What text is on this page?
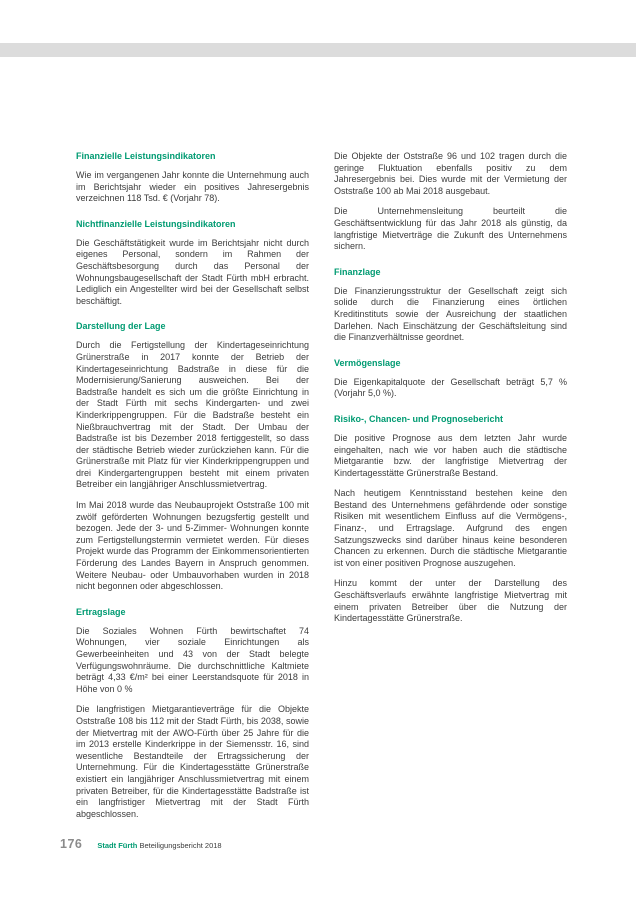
Finanzielle Leistungsindikatoren

Wie im vergangenen Jahr konnte die Unternehmung auch im Berichtsjahr wieder ein positives Jahresergebnis verzeichnen 118 Tsd. € (Vorjahr 78).

Nichtfinanzielle Leistungsindikatoren

Die Geschäftstätigkeit wurde im Berichtsjahr nicht durch eigenes Personal, sondern im Rahmen der Geschäftsbesorgung durch das Personal der Wohnungsbaugesellschaft der Stadt Fürth mbH erbracht. Lediglich ein Angestellter wird bei der Gesellschaft selbst beschäftigt.

Darstellung der Lage

Durch die Fertigstellung der Kindertageseinrichtung Grünerstraße in 2017 konnte der Betrieb der Kindertageseinrichtung Badstraße in diese für die Modernisierung/Sanierung ausweichen. Bei der Badstraße handelt es sich um die größte Einrichtung in der Stadt Fürth mit sechs Kindergarten- und zwei Kinderkrippengruppen. Für die Badstraße besteht ein Nießbrauchvertrag mit der Stadt. Der Umbau der Badstraße ist bis Dezember 2018 fertiggestellt, so dass der städtische Betrieb wieder zurückziehen kann. Für die Grünerstraße mit Platz für vier Kinderkrippengruppen und drei Kindergartengruppen besteht mit einem privaten Betreiber ein langjähriger Anschlussmietvertrag.

Im Mai 2018 wurde das Neubauprojekt Oststraße 100 mit zwölf geförderten Wohnungen bezugsfertig gestellt und bezogen. Jede der 3- und 5-Zimmer- Wohnungen konnte zum Fertigstellungstermin vermietet werden. Für dieses Projekt wurde das Programm der Einkommensorientierten Förderung des Landes Bayern in Anspruch genommen. Weitere Neubau- oder Umbauvorhaben wurden in 2018 nicht begonnen oder abgeschlossen.

Ertragslage

Die Soziales Wohnen Fürth bewirtschaftet 74 Wohnungen, vier soziale Einrichtungen als Gewerbeeinheiten und 43 von der Stadt belegte Verfügungswohnräume. Die durchschnittliche Kaltmiete beträgt 4,33 €/m² bei einer Leerstandsquote für 2018 in Höhe von 0 %

Die langfristigen Mietgarantieverträge für die Objekte Oststraße 108 bis 112 mit der Stadt Fürth, bis 2038, sowie der Mietvertrag mit der AWO-Fürth über 25 Jahre für die im 2013 erstelle Kinderkrippe in der Siemensstr. 16, sind wesentliche Bestandteile der Ertragssicherung der Unternehmung. Für die Kindertagesstätte Grünerstraße existiert ein langjähriger Anschlussmietvertrag mit einem privaten Betreiber, für die Kindertagesstätte Badstraße ist ein langfristiger Mietvertrag mit der Stadt Fürth abgeschlossen.

Die Objekte der Oststraße 96 und 102 tragen durch die geringe Fluktuation ebenfalls positiv zu dem Jahresergebnis bei. Dies wurde mit der Vermietung der Oststraße 100 ab Mai 2018 ausgebaut.

Die Unternehmensleitung beurteilt die Geschäftsentwicklung für das Jahr 2018 als günstig, da langfristige Mietverträge die Zukunft des Unternehmens sichern.

Finanzlage

Die Finanzierungsstruktur der Gesellschaft zeigt sich solide durch die Finanzierung eines örtlichen Kreditinstituts sowie der Ausreichung der staatlichen Darlehen. Nach Einschätzung der Geschäftsleitung sind die Finanzverhältnisse geordnet.

Vermögenslage

Die Eigenkapitalquote der Gesellschaft beträgt 5,7 % (Vorjahr 5,0 %).

Risiko-, Chancen- und Prognosebericht

Die positive Prognose aus dem letzten Jahr wurde eingehalten, nach wie vor haben auch die städtische Mietgarantie bzw. der langfristige Mietvertrag der Kindertagesstätte Grünerstraße Bestand.

Nach heutigem Kenntnisstand bestehen keine den Bestand des Unternehmens gefährdende oder sonstige Risiken mit wesentlichem Einfluss auf die Vermögens-, Finanz-, und Ertragslage. Aufgrund des engen Satzungszwecks sind darüber hinaus keine besonderen Chancen zu erkennen. Durch die städtische Mietgarantie ist von einer positiven Prognose auszugehen.

Hinzu kommt der unter der Darstellung des Geschäftsverlaufs erwähnte langfristige Mietvertrag mit einem privaten Betreiber über die Nutzung der Kindertagesstätte Grünerstraße.

176 Stadt Fürth Beteiligungsbericht 2018
